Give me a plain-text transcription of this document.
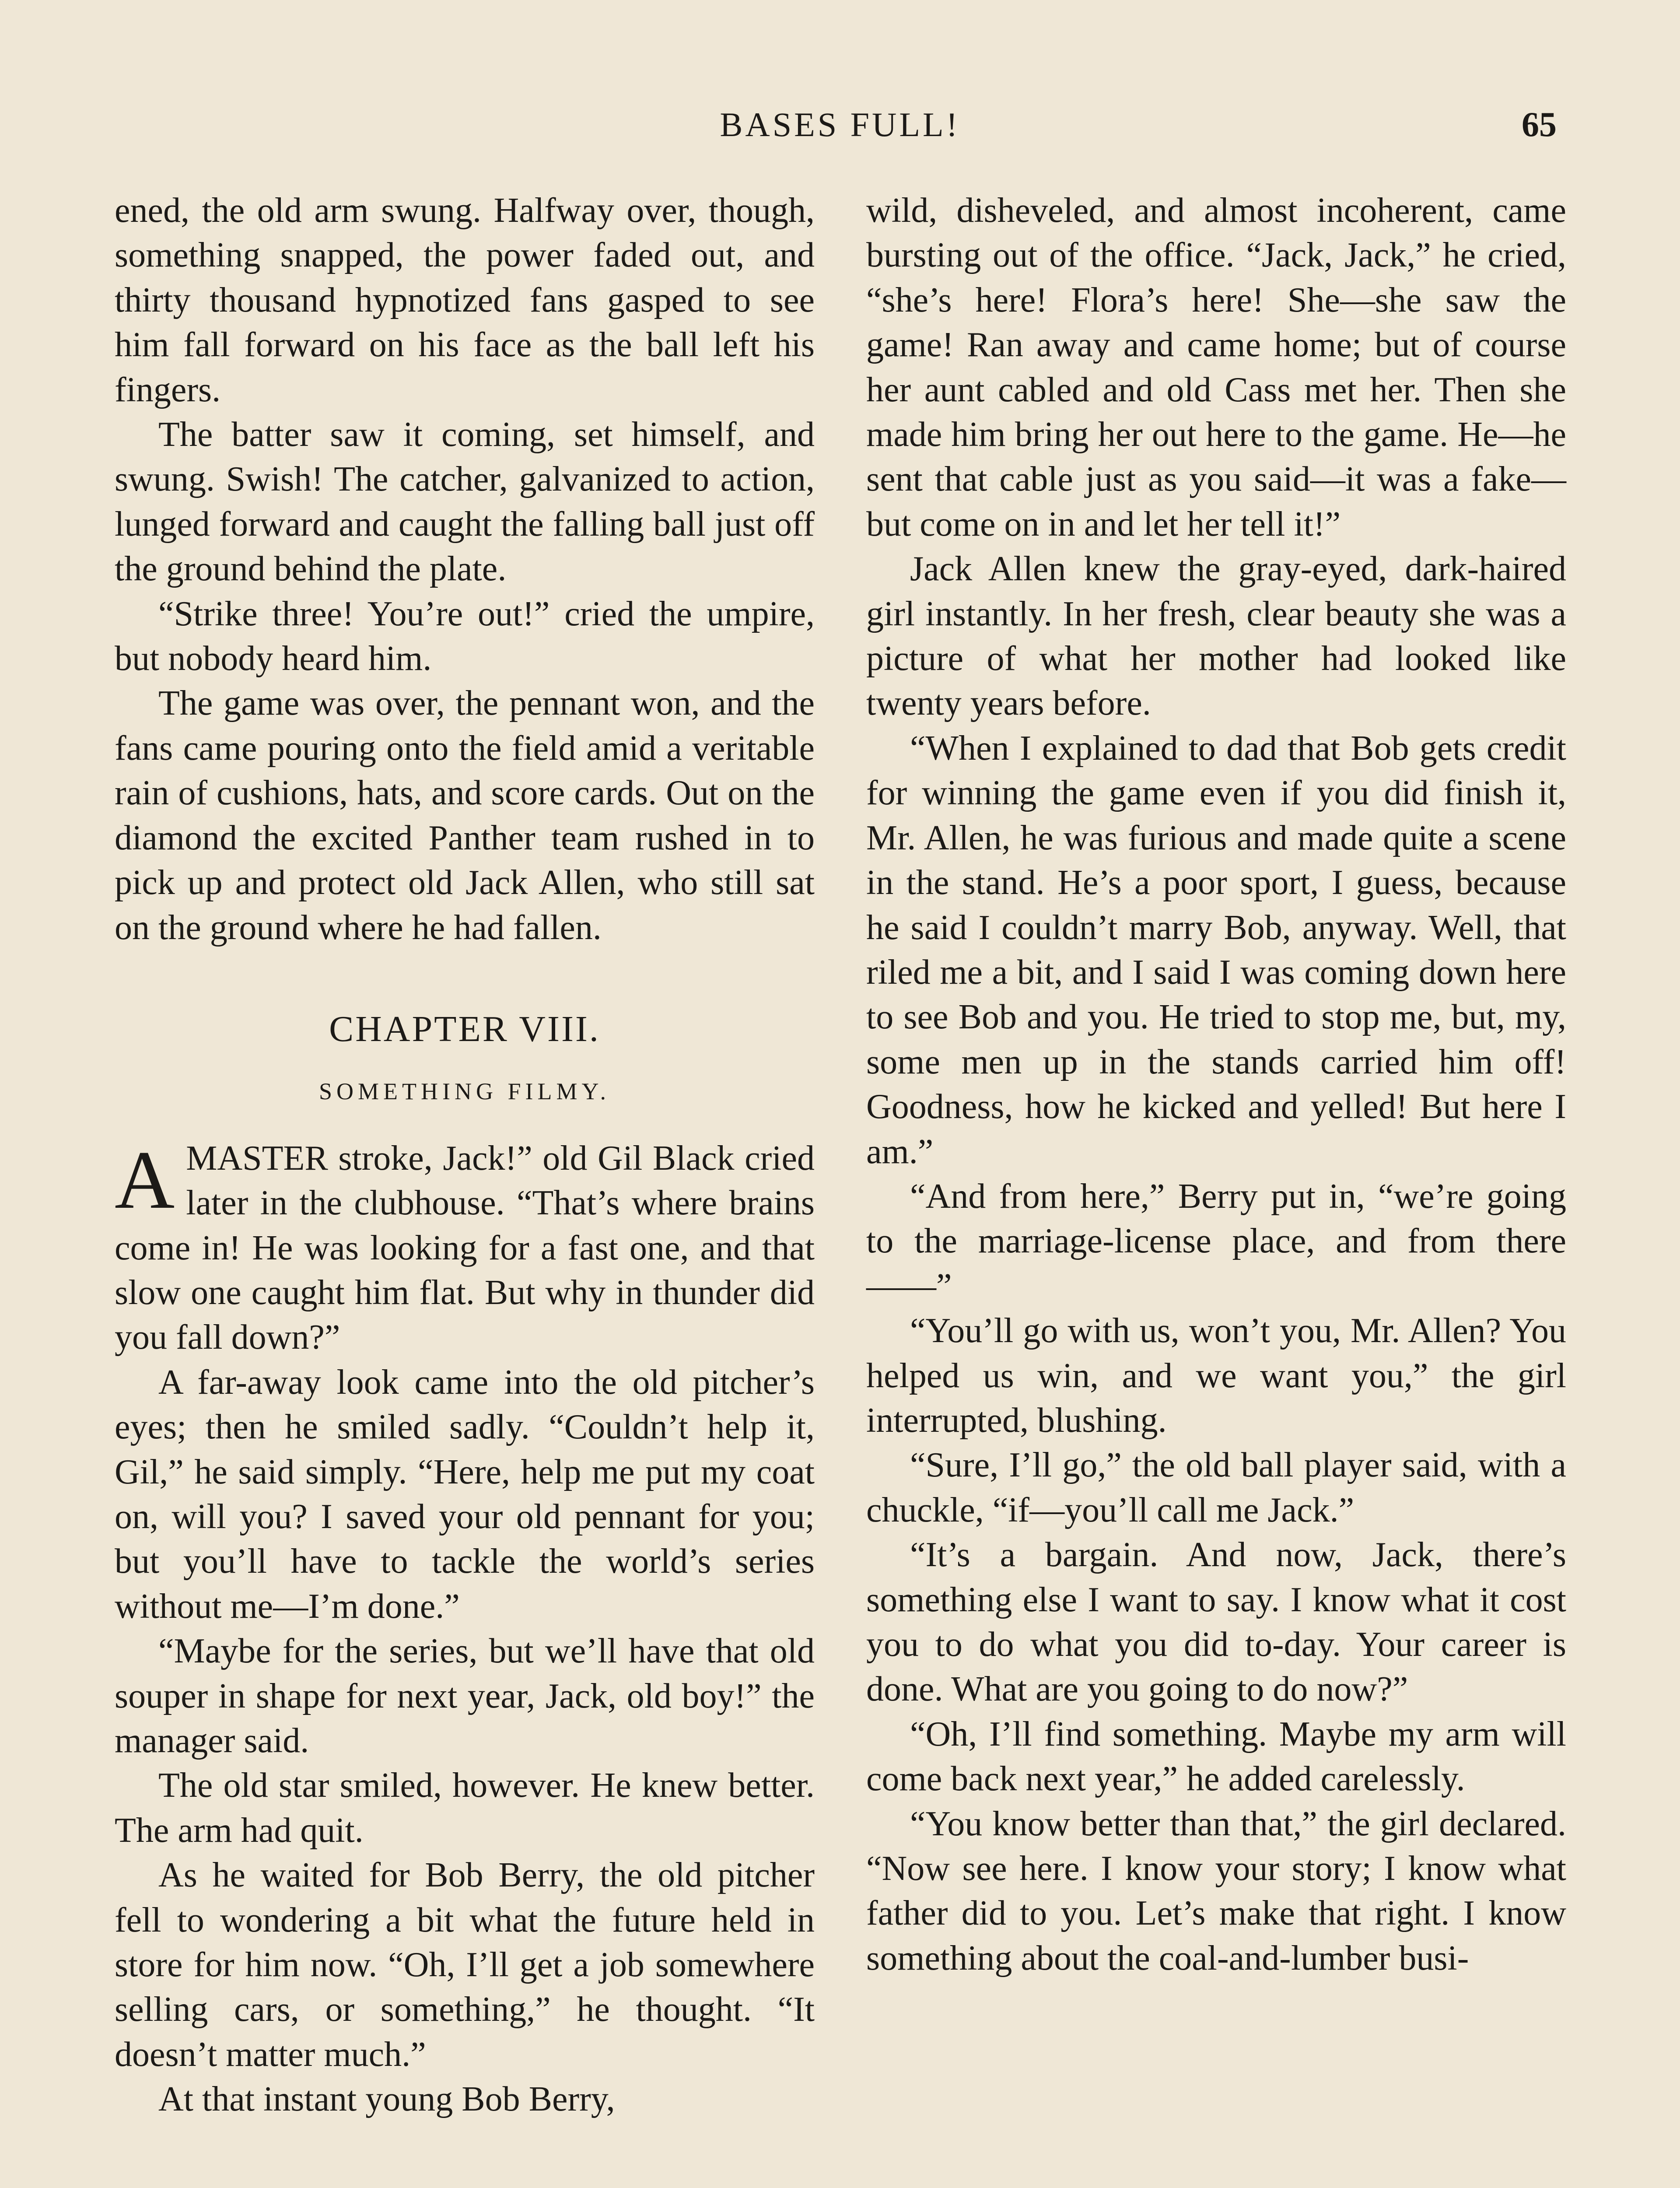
BASES FULL!	65

ened, the old arm swung. Halfway over, though, something snapped, the power faded out, and thirty thousand hypnotized fans gasped to see him fall forward on his face as the ball left his fingers.

The batter saw it coming, set himself, and swung. Swish! The catcher, galvanized to action, lunged forward and caught the falling ball just off the ground behind the plate.

“Strike three! You’re out!” cried the umpire, but nobody heard him.

The game was over, the pennant won, and the fans came pouring onto the field amid a veritable rain of cushions, hats, and score cards. Out on the diamond the excited Panther team rushed in to pick up and protect old Jack Allen, who still sat on the ground where he had fallen.

CHAPTER VIII.
SOMETHING FILMY.

A MASTER stroke, Jack!” old Gil Black cried later in the clubhouse. “That’s where brains come in! He was looking for a fast one, and that slow one caught him flat. But why in thunder did you fall down?”

A far-away look came into the old pitcher’s eyes; then he smiled sadly. “Couldn’t help it, Gil,” he said simply. “Here, help me put my coat on, will you? I saved your old pennant for you; but you’ll have to tackle the world’s series without me—I’m done.”

“Maybe for the series, but we’ll have that old souper in shape for next year, Jack, old boy!” the manager said.

The old star smiled, however. He knew better. The arm had quit.

As he waited for Bob Berry, the old pitcher fell to wondering a bit what the future held in store for him now. “Oh, I’ll get a job somewhere selling cars, or something,” he thought. “It doesn’t matter much.”

At that instant young Bob Berry,

wild, disheveled, and almost incoherent, came bursting out of the office. “Jack, Jack,” he cried, “she’s here! Flora’s here! She—she saw the game! Ran away and came home; but of course her aunt cabled and old Cass met her. Then she made him bring her out here to the game. He—he sent that cable just as you said—it was a fake—but come on in and let her tell it!”

Jack Allen knew the gray-eyed, dark-haired girl instantly. In her fresh, clear beauty she was a picture of what her mother had looked like twenty years before.

“When I explained to dad that Bob gets credit for winning the game even if you did finish it, Mr. Allen, he was furious and made quite a scene in the stand. He’s a poor sport, I guess, because he said I couldn’t marry Bob, anyway. Well, that riled me a bit, and I said I was coming down here to see Bob and you. He tried to stop me, but, my, some men up in the stands carried him off! Goodness, how he kicked and yelled! But here I am.”

“And from here,” Berry put in, “we’re going to the marriage-license place, and from there——”

“You’ll go with us, won’t you, Mr. Allen? You helped us win, and we want you,” the girl interrupted, blushing.

“Sure, I’ll go,” the old ball player said, with a chuckle, “if—you’ll call me Jack.”

“It’s a bargain. And now, Jack, there’s something else I want to say. I know what it cost you to do what you did to-day. Your career is done. What are you going to do now?”

“Oh, I’ll find something. Maybe my arm will come back next year,” he added carelessly.

“You know better than that,” the girl declared. “Now see here. I know your story; I know what father did to you. Let’s make that right. I know something about the coal-and-lumber busi-
